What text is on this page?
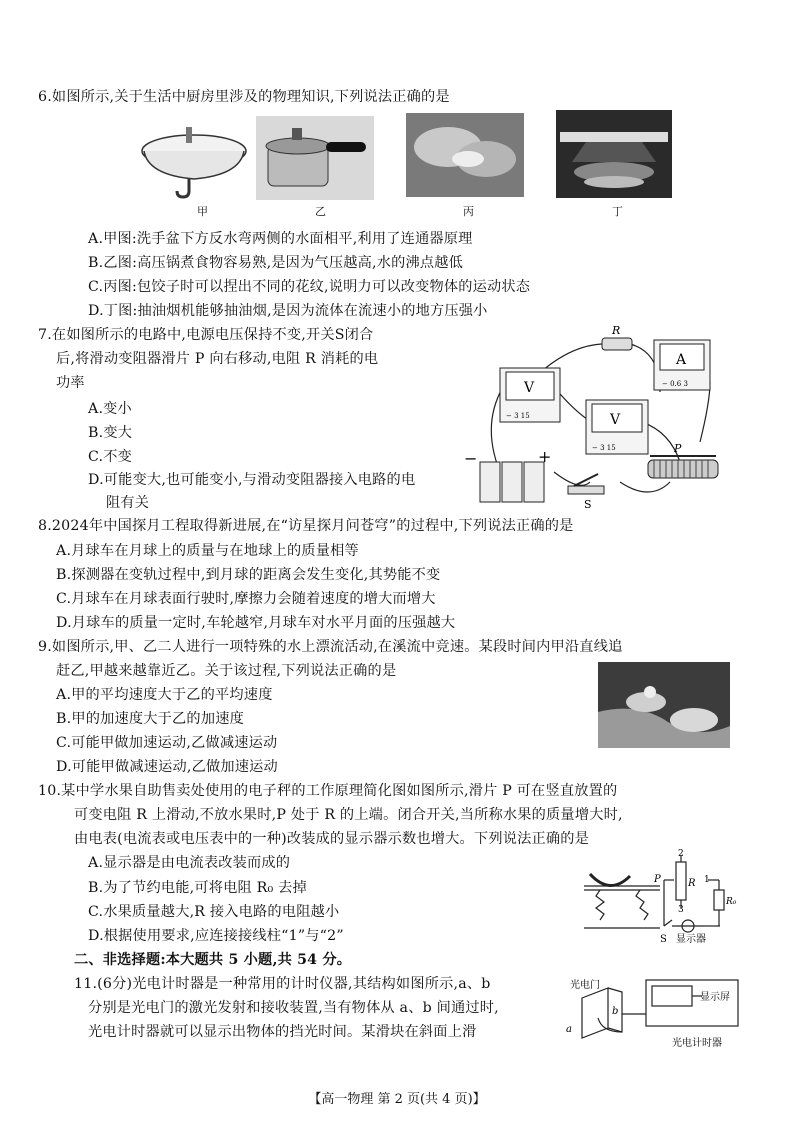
6.如图所示,关于生活中厨房里涉及的物理知识,下列说法正确的是
甲	乙	丙	丁
A.甲图:洗手盆下方反水弯两侧的水面相平,利用了连通器原理
B.乙图:高压锅煮食物容易熟,是因为气压越高,水的沸点越低
C.丙图:包饺子时可以捏出不同的花纹,说明力可以改变物体的运动状态
D.丁图:抽油烟机能够抽油烟,是因为流体在流速小的地方压强小
7.在如图所示的电路中,电源电压保持不变,开关S闭合
后,将滑动变阻器滑片 P 向右移动,电阻 R 消耗的电
功率
A.变小
B.变大
C.不变
D.可能变大,也可能变小,与滑动变阻器接入电路的电
阻有关
R
A
− 0.6 3
V
− 3 15	V
− 3 15	P
−	+
S
8.2024年中国探月工程取得新进展,在“访星探月问苍穹”的过程中,下列说法正确的是
A.月球车在月球上的质量与在地球上的质量相等
B.探测器在变轨过程中,到月球的距离会发生变化,其势能不变
C.月球车在月球表面行驶时,摩擦力会随着速度的增大而增大
D.月球车的质量一定时,车轮越窄,月球车对水平月面的压强越大
9.如图所示,甲、乙二人进行一项特殊的水上漂流活动,在溪流中竞速。某段时间内甲沿直线追
赶乙,甲越来越靠近乙。关于该过程,下列说法正确的是
A.甲的平均速度大于乙的平均速度
B.甲的加速度大于乙的加速度
C.可能甲做加速运动,乙做减速运动
D.可能甲做减速运动,乙做加速运动
10.某中学水果自助售卖处使用的电子秤的工作原理简化图如图所示,滑片 P 可在竖直放置的
可变电阻 R 上滑动,不放水果时,P 处于 R 的上端。闭合开关,当所称水果的质量增大时,
由电表(电流表或电压表中的一种)改装成的显示器示数也增大。下列说法正确的是
A.显示器是由电流表改装而成的
B.为了节约电能,可将电阻 R₀ 去掉
C.水果质量越大,R 接入电路的电阻越小
D.根据使用要求,应连接接线柱“1”与“2”
2
3
1
P	R
R₀
S 显示器
二、非选择题:本大题共 5 小题,共 54 分。
11.(6分)光电计时器是一种常用的计时仪器,其结构如图所示,a、b
分别是光电门的激光发射和接收装置,当有物体从 a、b 间通过时,
光电计时器就可以显示出物体的挡光时间。某滑块在斜面上滑
光电门
显示屏
光电计时器
a
b
【高一物理 第 2 页(共 4 页)】
